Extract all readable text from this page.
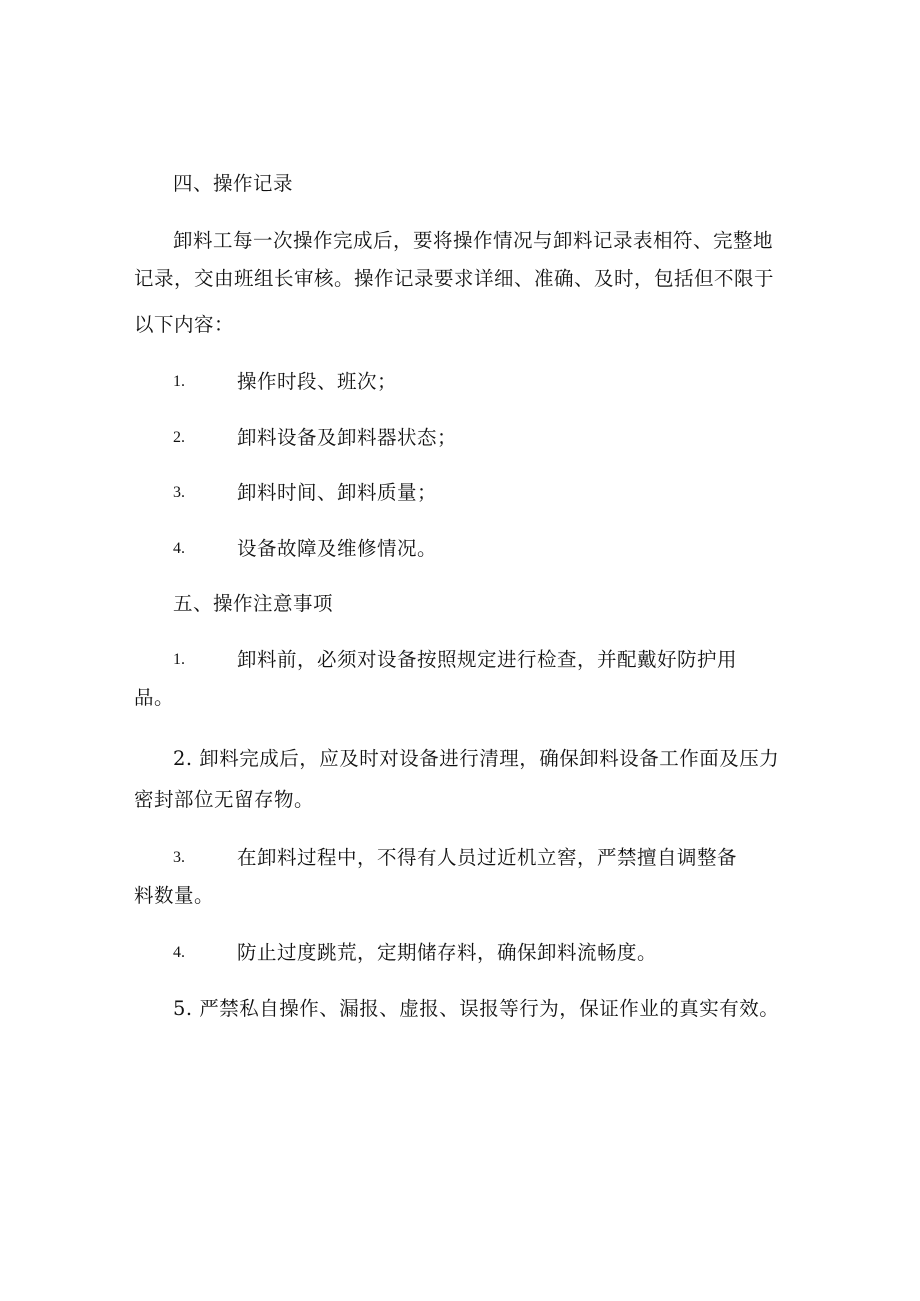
四、操作记录
卸料工每一次操作完成后，要将操作情况与卸料记录表相符、完整地
记录，交由班组长审核。操作记录要求详细、准确、及时，包括但不限于
以下内容：
1.	操作时段、班次；
2.	卸料设备及卸料器状态；
3.	卸料时间、卸料质量；
4.	设备故障及维修情况。
五、操作注意事项
1.	卸料前，必须对设备按照规定进行检查，并配戴好防护用
品。
2. 卸料完成后，应及时对设备进行清理，确保卸料设备工作面及压力
密封部位无留存物。
3.	在卸料过程中，不得有人员过近机立窖，严禁擅自调整备
料数量。
4.	防止过度跳荒，定期储存料，确保卸料流畅度。
5. 严禁私自操作、漏报、虚报、误报等行为，保证作业的真实有效。
